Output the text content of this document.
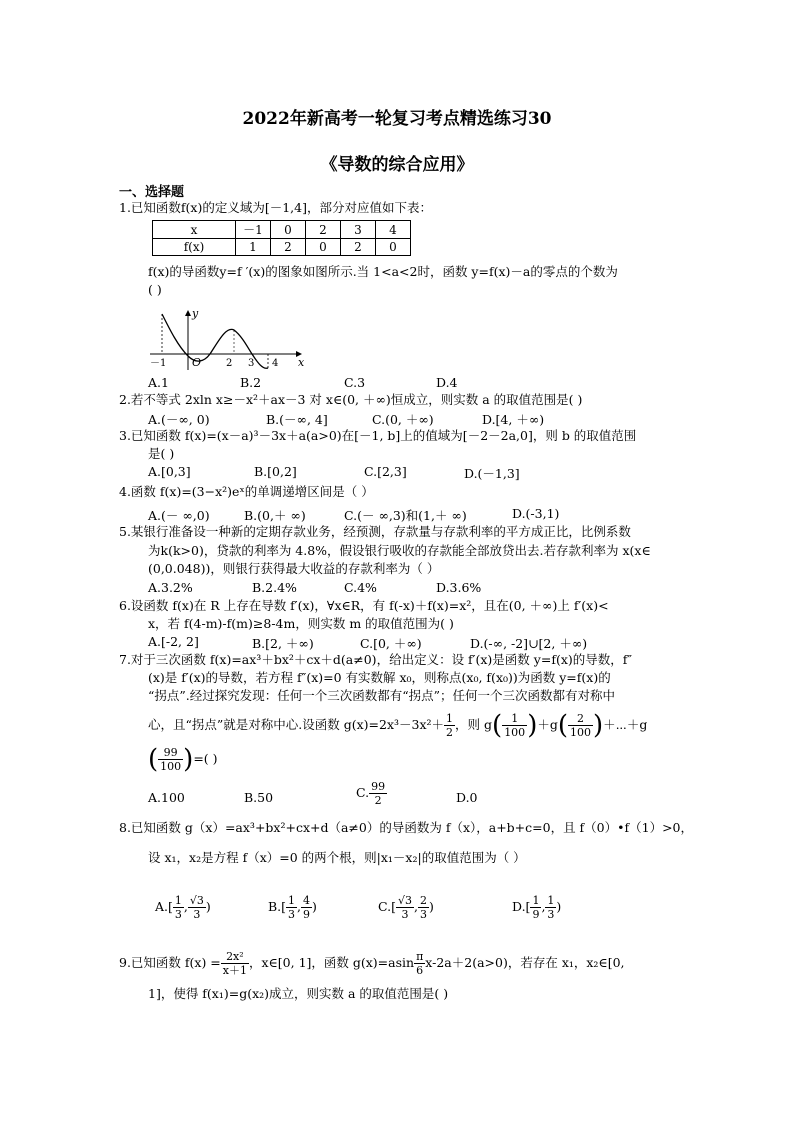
2022年新高考一轮复习考点精选练习30
《导数的综合应用》
一、选择题
1.已知函数f(x)的定义域为[－1,4]，部分对应值如下表：
x	－1	0	2	3	4
f(x)	1	2	0	2	0
f(x)的导函数y=f ′(x)的图象如图所示.当 1<a<2时，函数 y=f(x)－a的零点的个数为
( )
y
x
O
－1	2 3 4
A.1	B.2	C.3	D.4
2.若不等式 2xln x≥－x²＋ax－3 对 x∈(0, ＋∞)恒成立，则实数 a 的取值范围是( )
A.(－∞, 0)	B.(－∞, 4]	C.(0, ＋∞)	D.[4, ＋∞)
3.已知函数 f(x)=(x－a)³－3x＋a(a>0)在[－1, b]上的值域为[－2－2a,0]，则 b 的取值范围
是( )
A.[0,3]	B.[0,2]	C.[2,3]	D.(－1,3]
4.函数 f(x)=(3−x²)eˣ的单调递增区间是（ ）
A.(－ ∞,0)	B.(0,＋ ∞)	C.(－ ∞,3)和(1,＋ ∞)	D.(-3,1)
5.某银行准备设一种新的定期存款业务，经预测，存款量与存款利率的平方成正比，比例系数
为k(k>0)，贷款的利率为 4.8%，假设银行吸收的存款能全部放贷出去.若存款利率为 x(x∈
(0,0.048))，则银行获得最大收益的存款利率为（ ）
A.3.2%	B.2.4%	C.4%	D.3.6%
6.设函数 f(x)在 R 上存在导数 f′(x)，∀x∈R，有 f(-x)＋f(x)=x²，且在(0, ＋∞)上 f′(x)<
x，若 f(4-m)-f(m)≥8-4m，则实数 m 的取值范围为( )
A.[-2, 2]	B.[2, ＋∞)	C.[0, ＋∞)	D.(-∞, -2]∪[2, ＋∞)
7.对于三次函数 f(x)=ax³＋bx²＋cx＋d(a≠0)，给出定义：设 f′(x)是函数 y=f(x)的导数，f″
(x)是 f′(x)的导数，若方程 f″(x)=0 有实数解 x₀，则称点(x₀, f(x₀))为函数 y=f(x)的
“拐点”.经过探究发现：任何一个三次函数都有“拐点”；任何一个三次函数都有对称中
心，且“拐点”就是对称中心.设函数 $g(x)=2x^3-3x^2+ \frac{1}{2}$ ，则 $g( \frac{1}{100} )+g( \frac{2}{100}$ )＋⋯＋g
( $\frac{99}{100}$ )=( )
A.100	B.50	C. $\frac{99}{2}$	D.0
8.已知函数 g（x）=ax³+bx²+cx+d（a≠0）的导函数为 f（x），a+b+c=0，且 f（0）•f（1）>0，
设 x₁，x₂是方程 f（x）=0 的两个根，则|x₁－x₂|的取值范围为（ ）
$A.[ \frac{1}{3}$ , $\frac{√3}{3}$ )	$B.[ \frac{1}{3}$ , $\frac{4}{9}$ )	$C.[ \frac{√3}{3}$ , $\frac{2}{3}$ )	$D.[ \frac{1}{9}$ , $\frac{1}{3}$ )
9.已知函数 $f(x) = \frac{\text{2x²}}{x+1}$ ，x∈[0, 1]，函数 $g(x)=asin \frac{\pi}{6} x-2a+2(a>0)$，若存在 x₁，x₂∈[0,
1]，使得 f(x₁)=g(x₂)成立，则实数 a 的取值范围是( )
